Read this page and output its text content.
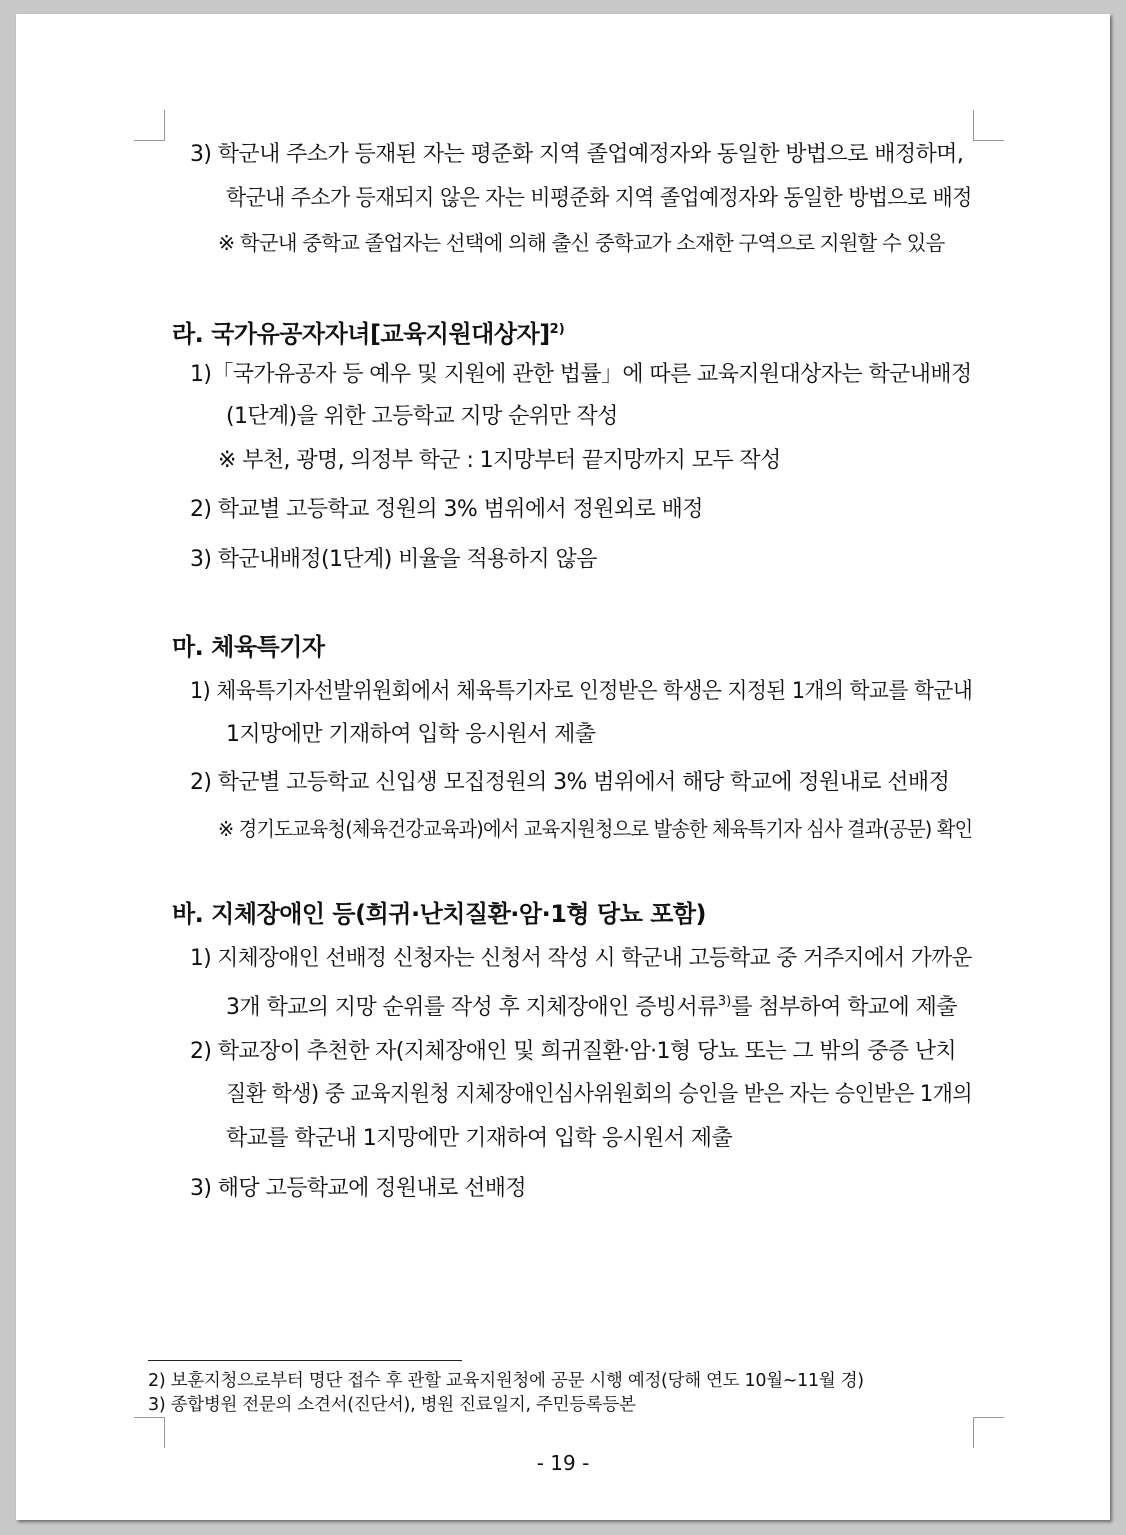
3) 학군내 주소가 등재된 자는 평준화 지역 졸업예정자와 동일한 방법으로 배정하며,
학군내 주소가 등재되지 않은 자는 비평준화 지역 졸업예정자와 동일한 방법으로 배정
※ 학군내 중학교 졸업자는 선택에 의해 출신 중학교가 소재한 구역으로 지원할 수 있음
라. 국가유공자자녀[교육지원대상자]$^{2)}$
1)「국가유공자 등 예우 및 지원에 관한 법률」에 따른 교육지원대상자는 학군내배정
(1단계)을 위한 고등학교 지망 순위만 작성
※ 부천, 광명, 의정부 학군 : 1지망부터 끝지망까지 모두 작성
2) 학교별 고등학교 정원의 3% 범위에서 정원외로 배정
3) 학군내배정(1단계) 비율을 적용하지 않음
마. 체육특기자
1) 체육특기자선발위원회에서 체육특기자로 인정받은 학생은 지정된 1개의 학교를 학군내
1지망에만 기재하여 입학 응시원서 제출
2) 학군별 고등학교 신입생 모집정원의 3% 범위에서 해당 학교에 정원내로 선배정
※ 경기도교육청(체육건강교육과)에서 교육지원청으로 발송한 체육특기자 심사 결과(공문) 확인
바. 지체장애인 등(희귀·난치질환·암·1형 당뇨 포함)
1) 지체장애인 선배정 신청자는 신청서 작성 시 학군내 고등학교 중 거주지에서 가까운
3개 학교의 지망 순위를 작성 후 지체장애인 증빙서류$^{3)}$를 첨부하여 학교에 제출
2) 학교장이 추천한 자(지체장애인 및 희귀질환·암·1형 당뇨 또는 그 밖의 중증 난치
질환 학생) 중 교육지원청 지체장애인심사위원회의 승인을 받은 자는 승인받은 1개의
학교를 학군내 1지망에만 기재하여 입학 응시원서 제출
3) 해당 고등학교에 정원내로 선배정
2) 보훈지청으로부터 명단 접수 후 관할 교육지원청에 공문 시행 예정(당해 연도 10월~11월 경)
3) 종합병원 전문의 소견서(진단서), 병원 진료일지, 주민등록등본
- 19 -
